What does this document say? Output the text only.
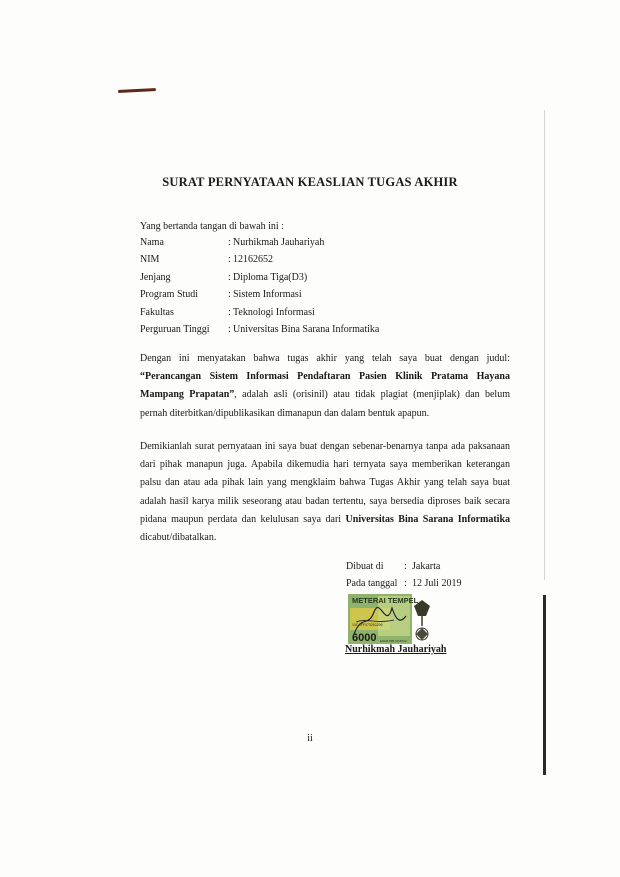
SURAT PERNYATAAN KEASLIAN TUGAS AKHIR
Yang bertanda tangan di bawah ini :
Nama	: Nurhikmah Jauhariyah
NIM	: 12162652
Jenjang	: Diploma Tiga(D3)
Program Studi	: Sistem Informasi
Fakultas	: Teknologi Informasi
Perguruan Tinggi	: Universitas Bina Sarana Informatika
Dengan ini menyatakan bahwa tugas akhir yang telah saya buat dengan judul: “Perancangan Sistem Informasi Pendaftaran Pasien Klinik Pratama Hayana Mampang Prapatan”, adalah asli (orisinil) atau tidak plagiat (menjiplak) dan belum pernah diterbitkan/dipublikasikan dimanapun dan dalam bentuk apapun.
Demikianlah surat pernyataan ini saya buat dengan sebenar-benarnya tanpa ada paksanaan dari pihak manapun juga. Apabila dikemudia hari ternyata saya memberikan keterangan palsu dan atau ada pihak lain yang mengklaim bahwa Tugas Akhir yang telah saya buat adalah hasil karya milik seseorang atau badan tertentu, saya bersedia diproses baik secara pidana maupun perdata dan kelulusan saya dari Universitas Bina Sarana Informatika dicabut/dibatalkan.
Dibuat di	: Jakarta
Pada tanggal : 12 Juli 2019
METERAI TEMPEL
6000
15CAFF073263296
ENAM RIBU RUPIAH
Nurhikmah Jauhariyah
ii
